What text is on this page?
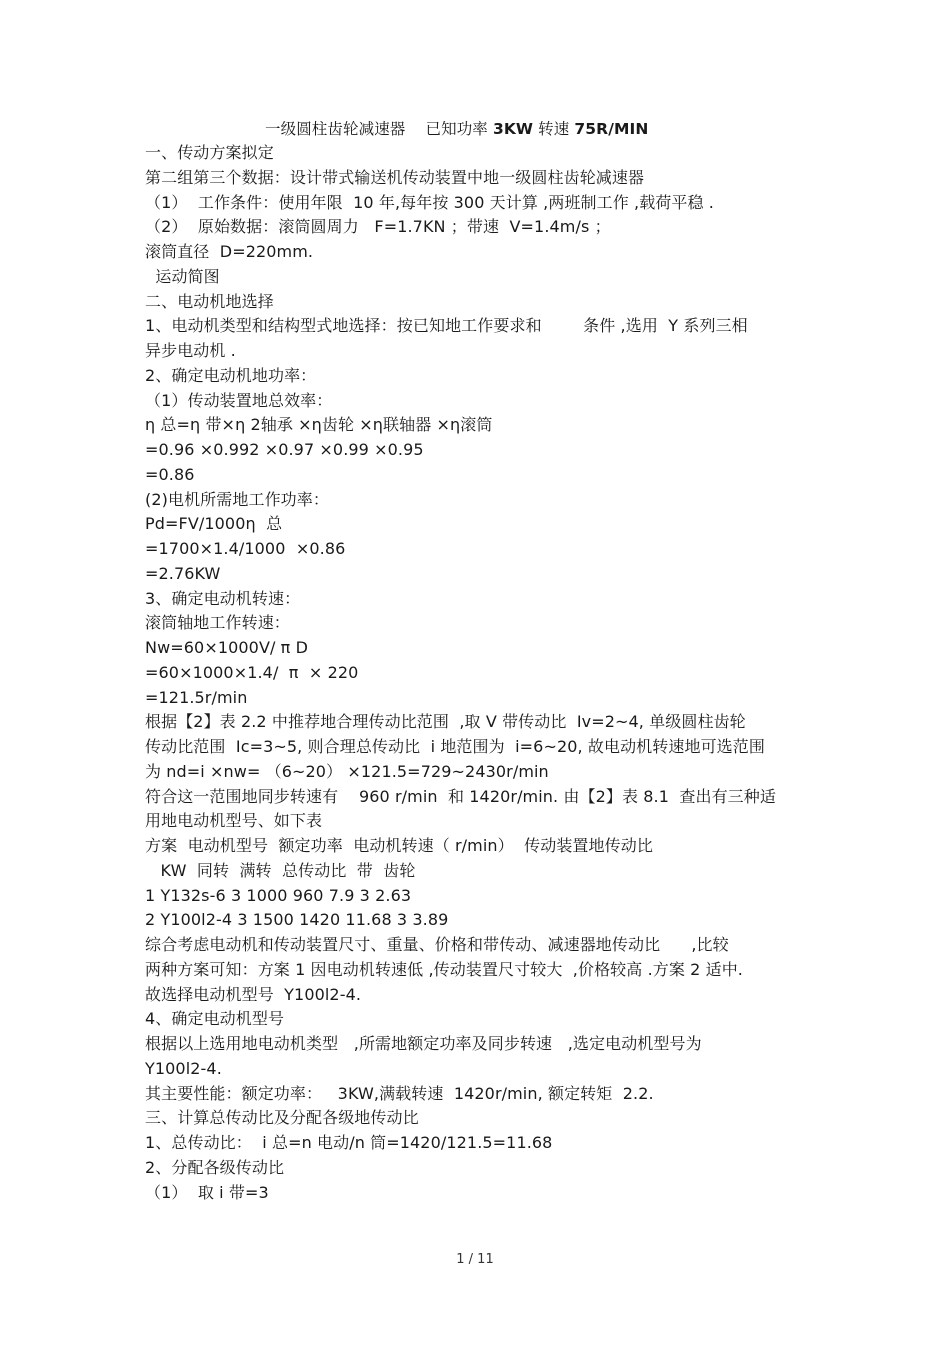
一级圆柱齿轮减速器    已知功率 3KW 转速 75R/MIN
一、传动方案拟定
第二组第三个数据：设计带式输送机传动装置中地一级圆柱齿轮减速器
（1）  工作条件：使用年限  10 年,每年按 300 天计算 ,两班制工作 ,载荷平稳 .
（2）  原始数据：滚筒圆周力   F=1.7KN ；带速  V=1.4m/s ；
滚筒直径  D=220mm.
运动简图
二、电动机地选择
1、电动机类型和结构型式地选择：按已知地工作要求和        条件 ,选用  Y 系列三相
异步电动机 .
2、确定电动机地功率：
（1）传动装置地总效率：
η 总=η 带×η 2轴承 ×η齿轮 ×η联轴器 ×η滚筒
=0.96 ×0.992 ×0.97 ×0.99 ×0.95
=0.86
(2)电机所需地工作功率：
Pd=FV/1000η  总
=1700×1.4/1000  ×0.86
=2.76KW
3、确定电动机转速：
滚筒轴地工作转速：
Nw=60×1000V/ π D
=60×1000×1.4/  π  × 220
=121.5r/min
根据【2】表 2.2 中推荐地合理传动比范围  ,取 V 带传动比  Iv=2~4, 单级圆柱齿轮
传动比范围  Ic=3~5, 则合理总传动比  i 地范围为  i=6~20, 故电动机转速地可选范围
为 nd=i ×nw= （6~20） ×121.5=729~2430r/min
符合这一范围地同步转速有    960 r/min  和 1420r/min. 由【2】表 8.1  查出有三种适
用地电动机型号、如下表
方案  电动机型号  额定功率  电动机转速（ r/min）  传动装置地传动比
KW  同转  满转  总传动比  带  齿轮
1 Y132s-6 3 1000 960 7.9 3 2.63
2 Y100l2-4 3 1500 1420 11.68 3 3.89
综合考虑电动机和传动装置尺寸、重量、价格和带传动、减速器地传动比      ,比较
两种方案可知：方案 1 因电动机转速低 ,传动装置尺寸较大  ,价格较高 .方案 2 适中.
故选择电动机型号  Y100l2-4.
4、确定电动机型号
根据以上选用地电动机类型   ,所需地额定功率及同步转速   ,选定电动机型号为
Y100l2-4.
其主要性能：额定功率：   3KW,满载转速  1420r/min, 额定转矩  2.2.
三、计算总传动比及分配各级地传动比
1、总传动比：  i 总=n 电动/n 筒=1420/121.5=11.68
2、分配各级传动比
（1）  取 i 带=3
1 / 11
